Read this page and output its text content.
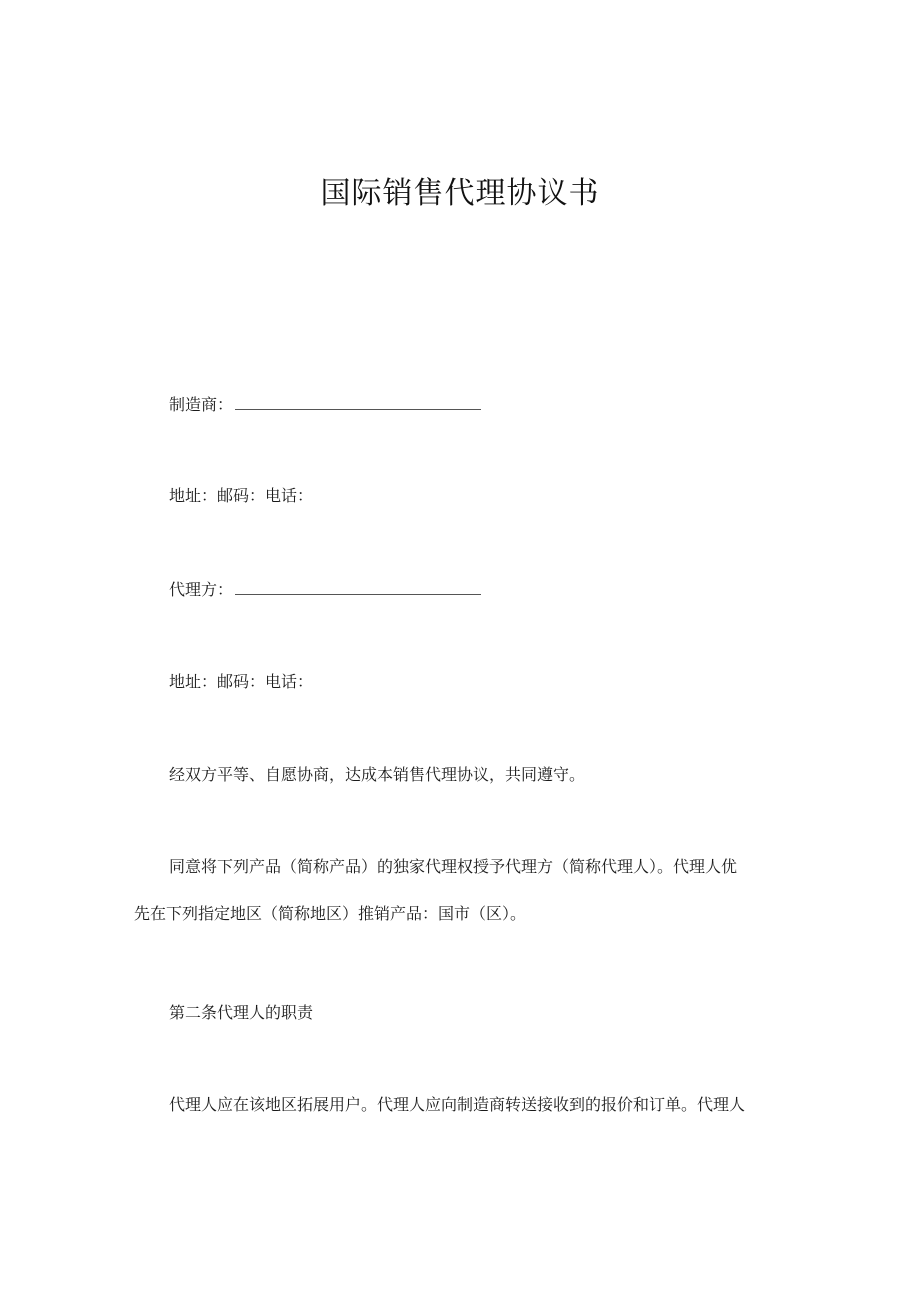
国际销售代理协议书
制造商：
地址：邮码：电话：
代理方：
地址：邮码：电话：
经双方平等、自愿协商，达成本销售代理协议，共同遵守。
同意将下列产品（简称产品）的独家代理权授予代理方（简称代理人）。代理人优
先在下列指定地区（简称地区）推销产品：国市（区）。
第二条代理人的职责
代理人应在该地区拓展用户。代理人应向制造商转送接收到的报价和订单。代理人
